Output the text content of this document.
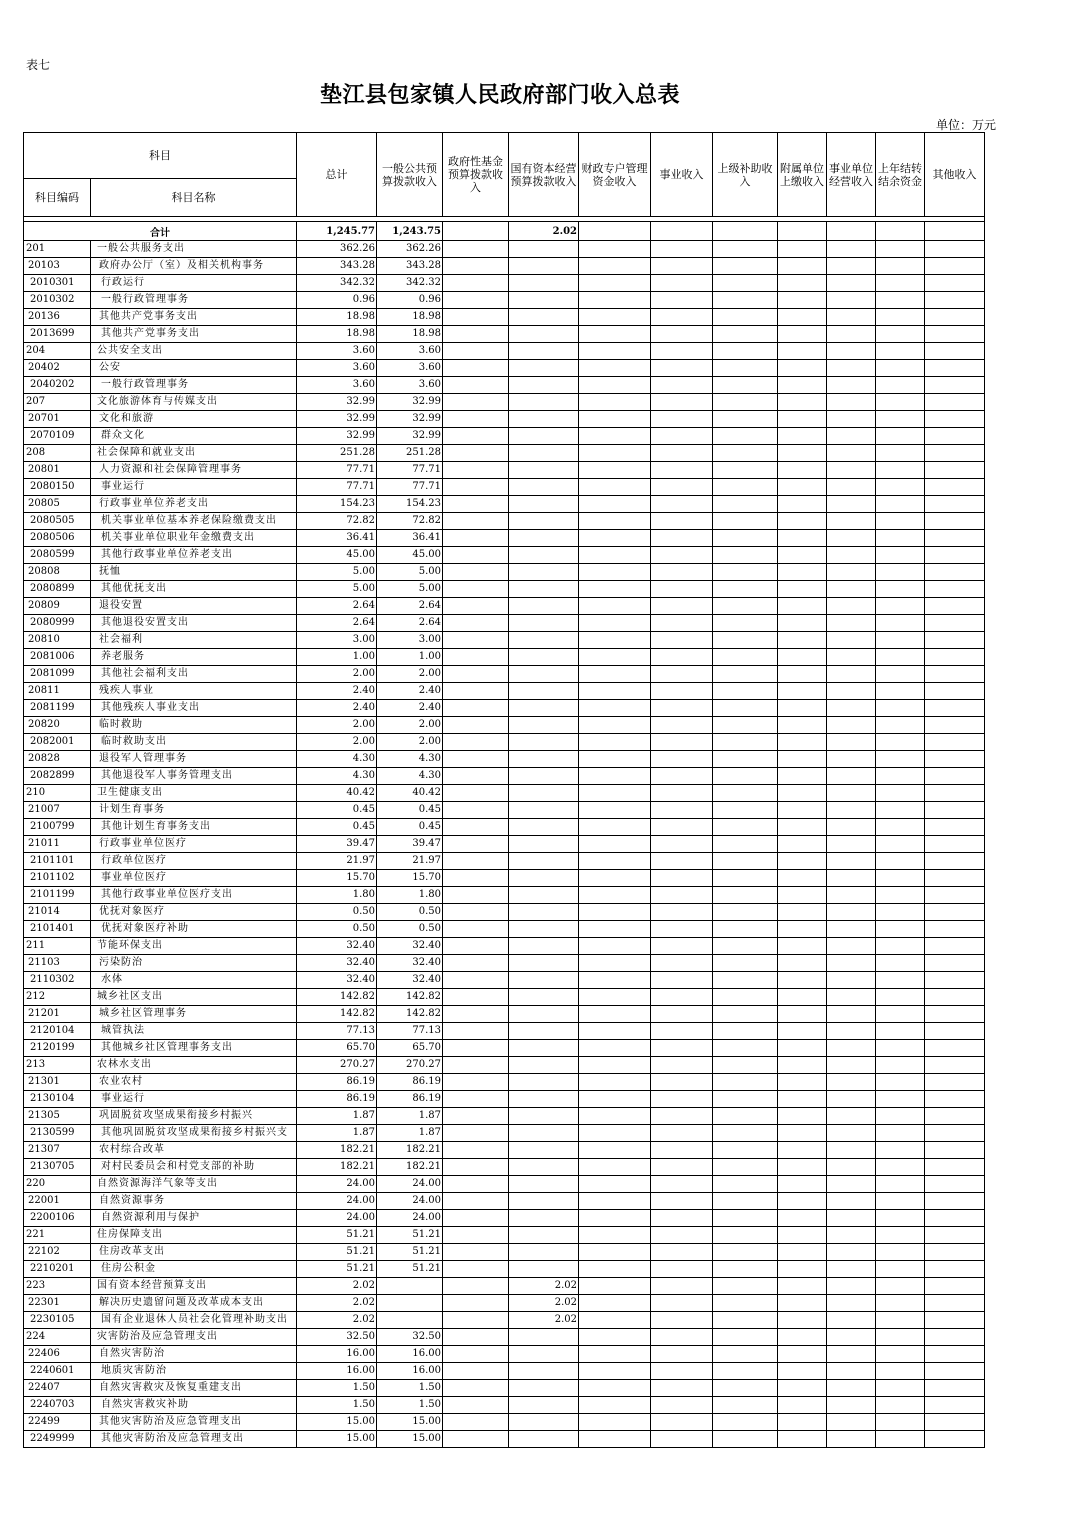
表七
垫江县包家镇人民政府部门收入总表
单位：万元
科目		总计	一般公共预算拨款收入	政府性基金预算拨款收入	国有资本经营预算拨款收入	财政专户管理资金收入	事业收入	上级补助收入	附属单位上缴收入	事业单位经营收入	上年结转结余资金	其他收入
科目编码	科目名称											

合计		1,245.77	1,243.75		2.02							
201	一般公共服务支出	362.26	362.26									
20103	政府办公厅（室）及相关机构事务	343.28	343.28									
2010301	行政运行	342.32	342.32									
2010302	一般行政管理事务	0.96	0.96									
20136	其他共产党事务支出	18.98	18.98									
2013699	其他共产党事务支出	18.98	18.98									
204	公共安全支出	3.60	3.60									
20402	公安	3.60	3.60									
2040202	一般行政管理事务	3.60	3.60									
207	文化旅游体育与传媒支出	32.99	32.99									
20701	文化和旅游	32.99	32.99									
2070109	群众文化	32.99	32.99									
208	社会保障和就业支出	251.28	251.28									
20801	人力资源和社会保障管理事务	77.71	77.71									
2080150	事业运行	77.71	77.71									
20805	行政事业单位养老支出	154.23	154.23									
2080505	机关事业单位基本养老保险缴费支出	72.82	72.82									
2080506	机关事业单位职业年金缴费支出	36.41	36.41									
2080599	其他行政事业单位养老支出	45.00	45.00									
20808	抚恤	5.00	5.00									
2080899	其他优抚支出	5.00	5.00									
20809	退役安置	2.64	2.64									
2080999	其他退役安置支出	2.64	2.64									
20810	社会福利	3.00	3.00									
2081006	养老服务	1.00	1.00									
2081099	其他社会福利支出	2.00	2.00									
20811	残疾人事业	2.40	2.40									
2081199	其他残疾人事业支出	2.40	2.40									
20820	临时救助	2.00	2.00									
2082001	临时救助支出	2.00	2.00									
20828	退役军人管理事务	4.30	4.30									
2082899	其他退役军人事务管理支出	4.30	4.30									
210	卫生健康支出	40.42	40.42									
21007	计划生育事务	0.45	0.45									
2100799	其他计划生育事务支出	0.45	0.45									
21011	行政事业单位医疗	39.47	39.47									
2101101	行政单位医疗	21.97	21.97									
2101102	事业单位医疗	15.70	15.70									
2101199	其他行政事业单位医疗支出	1.80	1.80									
21014	优抚对象医疗	0.50	0.50									
2101401	优抚对象医疗补助	0.50	0.50									
211	节能环保支出	32.40	32.40									
21103	污染防治	32.40	32.40									
2110302	水体	32.40	32.40									
212	城乡社区支出	142.82	142.82									
21201	城乡社区管理事务	142.82	142.82									
2120104	城管执法	77.13	77.13									
2120199	其他城乡社区管理事务支出	65.70	65.70									
213	农林水支出	270.27	270.27									
21301	农业农村	86.19	86.19									
2130104	事业运行	86.19	86.19									
21305	巩固脱贫攻坚成果衔接乡村振兴	1.87	1.87									
2130599	其他巩固脱贫攻坚成果衔接乡村振兴支	1.87	1.87									
21307	农村综合改革	182.21	182.21									
2130705	对村民委员会和村党支部的补助	182.21	182.21									
220	自然资源海洋气象等支出	24.00	24.00									
22001	自然资源事务	24.00	24.00									
2200106	自然资源利用与保护	24.00	24.00									
221	住房保障支出	51.21	51.21									
22102	住房改革支出	51.21	51.21									
2210201	住房公积金	51.21	51.21									
223	国有资本经营预算支出	2.02			2.02							
22301	解决历史遗留问题及改革成本支出	2.02			2.02							
2230105	国有企业退休人员社会化管理补助支出	2.02			2.02							
224	灾害防治及应急管理支出	32.50	32.50									
22406	自然灾害防治	16.00	16.00									
2240601	地质灾害防治	16.00	16.00									
22407	自然灾害救灾及恢复重建支出	1.50	1.50									
2240703	自然灾害救灾补助	1.50	1.50									
22499	其他灾害防治及应急管理支出	15.00	15.00									
2249999	其他灾害防治及应急管理支出	15.00	15.00									
